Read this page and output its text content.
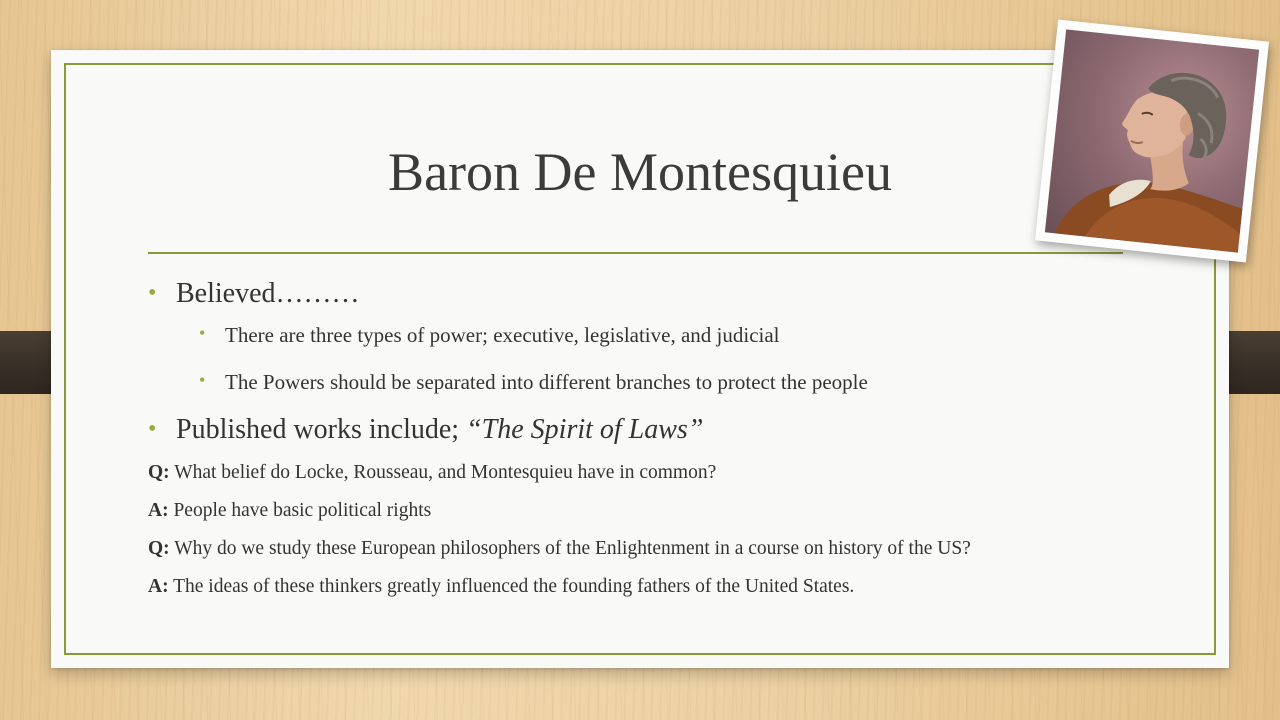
Baron De Montesquieu
• Believed………
• There are three types of power; executive, legislative, and judicial
• The Powers should be separated into different branches to protect the people
• Published works include; “The Spirit of Laws”
Q: What belief do Locke, Rousseau, and Montesquieu have in common?
A: People have basic political rights
Q: Why do we study these European philosophers of the Enlightenment in a course on history of the US?
A: The ideas of these thinkers greatly influenced the founding fathers of the United States.
